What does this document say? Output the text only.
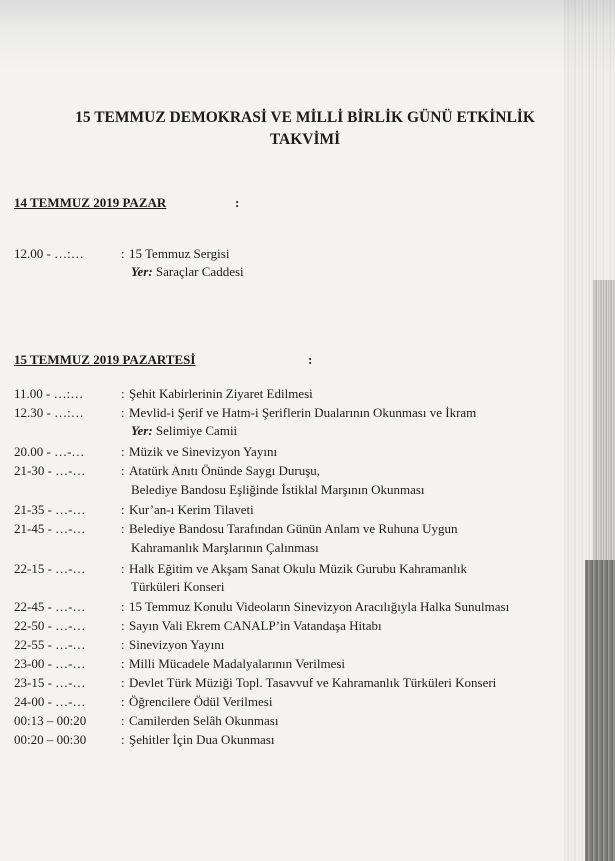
15 TEMMUZ DEMOKRASİ VE MİLLİ BİRLİK GÜNÜ ETKİNLİK
TAKVİMİ
14 TEMMUZ 2019 PAZAR	:
12.00 - …:…	: 15 Temmuz Sergisi
Yer: Saraçlar Caddesi
15 TEMMUZ 2019 PAZARTESİ	:
11.00 - …:…	: Şehit Kabirlerinin Ziyaret Edilmesi
12.30 - …:…	: Mevlid-i Şerif ve Hatm-i Şeriflerin Dualarının Okunması ve İkram
Yer: Selimiye Camii
20.00 - …-…	: Müzik ve Sinevizyon Yayını
21-30 - …-…	: Atatürk Anıtı Önünde Saygı Duruşu,
Belediye Bandosu Eşliğinde İstiklal Marşının Okunması
21-35 - …-…	: Kur’an-ı Kerim Tilaveti
21-45 - …-…	: Belediye Bandosu Tarafından Günün Anlam ve Ruhuna Uygun
Kahramanlık Marşlarının Çalınması
22-15 - …-…	: Halk Eğitim ve Akşam Sanat Okulu Müzik Gurubu Kahramanlık
Türküleri Konseri
22-45 - …-…	: 15 Temmuz Konulu Videoların Sinevizyon Aracılığıyla Halka Sunulması
22-50 - …-…	: Sayın Vali Ekrem CANALP’in Vatandaşa Hitabı
22-55 - …-…	: Sinevizyon Yayını
23-00 - …-…	: Milli Mücadele Madalyalarının Verilmesi
23-15 - …-…	: Devlet Türk Müziği Topl. Tasavvuf ve Kahramanlık Türküleri Konseri
24-00 - …-…	: Öğrencilere Ödül Verilmesi
00:13 – 00:20	: Camilerden Selâh Okunması
00:20 – 00:30	: Şehitler İçin Dua Okunması
